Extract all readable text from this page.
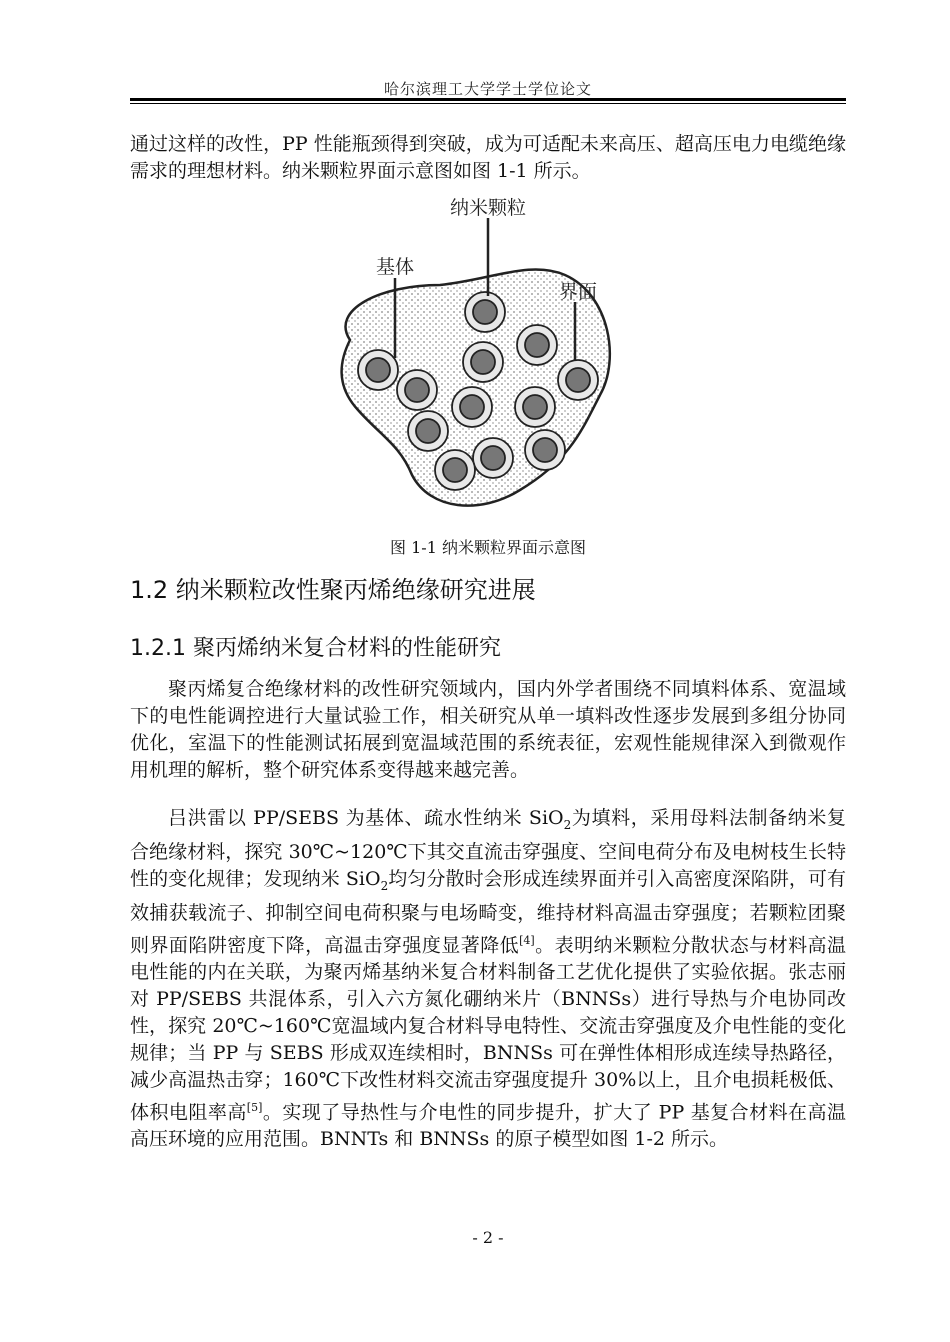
哈尔滨理工大学学士学位论文

通过这样的改性，PP 性能瓶颈得到突破，成为可适配未来高压、超高压电力电缆绝缘需求的理想材料。纳米颗粒界面示意图如图 1-1 所示。

纳米颗粒
基体
界面
图 1-1 纳米颗粒界面示意图
1.2 纳米颗粒改性聚丙烯绝缘研究进展
1.2.1 聚丙烯纳米复合材料的性能研究

聚丙烯复合绝缘材料的改性研究领域内，国内外学者围绕不同填料体系、宽温域下的电性能调控进行大量试验工作，相关研究从单一填料改性逐步发展到多组分协同优化，室温下的性能测试拓展到宽温域范围的系统表征，宏观性能规律深入到微观作用机理的解析，整个研究体系变得越来越完善。

吕洪雷以 PP/SEBS 为基体、疏水性纳米 SiO$_2$为填料，采用母料法制备纳米复合绝缘材料，探究 30℃~120℃下其交直流击穿强度、空间电荷分布及电树枝生长特性的变化规律；发现纳米 SiO$_2$均匀分散时会形成连续界面并引入高密度深陷阱，可有效捕获载流子、抑制空间电荷积聚与电场畸变，维持材料高温击穿强度；若颗粒团聚则界面陷阱密度下降，高温击穿强度显著降低[4]。表明纳米颗粒分散状态与材料高温电性能的内在关联，为聚丙烯基纳米复合材料制备工艺优化提供了实验依据。张志丽对 PP/SEBS 共混体系，引入六方氮化硼纳米片（BNNSs）进行导热与介电协同改性，探究 20℃~160℃宽温域内复合材料导电特性、交流击穿强度及介电性能的变化规律；当 PP 与 SEBS 形成双连续相时，BNNSs 可在弹性体相形成连续导热路径，减少高温热击穿；160℃下改性材料交流击穿强度提升 30%以上，且介电损耗极低、体积电阻率高[5]。实现了导热性与介电性的同步提升，扩大了 PP 基复合材料在高温高压环境的应用范围。BNNTs 和 BNNSs 的原子模型如图 1-2 所示。

- 2 -
